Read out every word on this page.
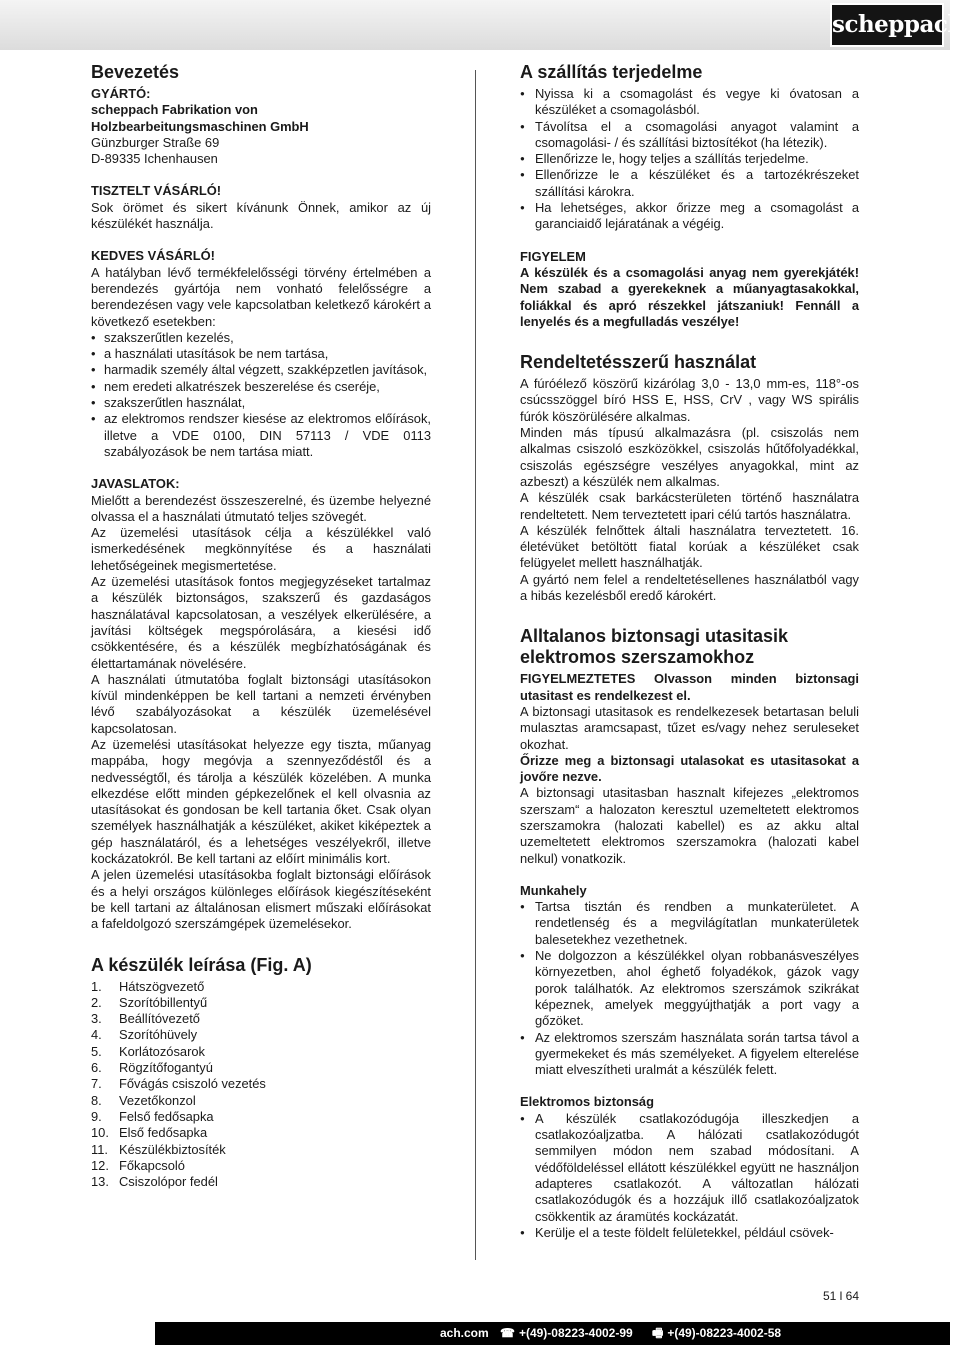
scheppach
Bevezetés
GYÁRTÓ:
scheppach Fabrikation von
Holzbearbeitungsmaschinen GmbH
Günzburger Straße 69
D-89335 Ichenhausen
TISZTELT VÁSÁRLÓ!

Sok örömet és sikert kívánunk Önnek, amikor az új készülékét használja.

KEDVES VÁSÁRLÓ!

A hatályban lévő termékfelelősségi törvény értelmében a berendezés gyártója nem vonható felelősségre a berendezésen vagy vele kapcsolatban keletkező károkért a következő esetekben:

• szakszerűtlen kezelés,
• a használati utasítások be nem tartása,
• harmadik személy által végzett, szakképzetlen javítások,
• nem eredeti alkatrészek beszerelése és cseréje,
• szakszerűtlen használat,
• az elektromos rendszer kiesése az elektromos előírások, illetve a VDE 0100, DIN 57113 / VDE 0113 szabályozások be nem tartása miatt.
JAVASLATOK:

Mielőtt a berendezést összeszerelné, és üzembe helyezné olvassa el a használati útmutató teljes szövegét.

Az üzemelési utasítások célja a készülékkel való ismerkedésének megkönnyítése és a használati lehetőségeinek megismertetése.

Az üzemelési utasítások fontos megjegyzéseket tartalmaz a készülék biztonságos, szakszerű és gazdaságos használatával kapcsolatosan, a veszélyek elkerülésére, a javítási költségek megspórolására, a kiesési idő csökkentésére, és a készülék megbízhatóságának és élettartamának növelésére.

A használati útmutatóba foglalt biztonsági utasításokon kívül mindenképpen be kell tartani a nemzeti érvényben lévő szabályozásokat a készülék üzemelésével kapcsolatosan.

Az üzemelési utasításokat helyezze egy tiszta, műanyag mappába, hogy megóvja a szennyeződéstől és a nedvességtől, és tárolja a készülék közelében. A munka elkezdése előtt minden gépkezelőnek el kell olvasnia az utasításokat és gondosan be kell tartania őket. Csak olyan személyek használhatják a készüléket, akiket kiképeztek a gép használatáról, és a lehetséges veszélyekről, illetve kockázatokról. Be kell tartani az előírt minimális kort.

A jelen üzemelési utasításokba foglalt biztonsági előírások és a helyi országos különleges előírások kiegészítéseként be kell tartani az általánosan elismert műszaki előírásokat a fafeldolgozó szerszámgépek üzemelésekor.

A készülék leírása (Fig. A)
1. Hátszögvezető
2. Szorítóbillentyű
3. Beállítóvezető
4. Szorítóhüvely
5. Korlátozósarok
6. Rögzítőfogantyú
7. Fővágás csiszoló vezetés
8. Vezetőkonzol
9. Felső fedősapka
10. Első fedősapka
11. Készülékbiztosíték
12. Főkapcsoló
13. Csiszolópor fedél
A szállítás terjedelme
● Nyissa ki a csomagolást és vegye ki óvatosan a készüléket a csomagolásból.
● Távolítsa el a csomagolási anyagot valamint a csomagolási- / és szállítási biztosítékot (ha létezik).
● Ellenőrizze le, hogy teljes a szállítás terjedelme.
● Ellenőrizze le a készüléket és a tartozékrészeket szállítási károkra.
● Ha lehetséges, akkor őrizze meg a csomagolást a garanciaidő lejáratának a végéig.
FIGYELEM

A készülék és a csomagolási anyag nem gyerekjáték! Nem szabad a gyerekeknek a műanyagtasakokkal, foliákkal és apró részekkel játszaniuk! Fennáll a lenyelés és a megfulladás veszélye!

Rendeltetésszerű használat

A fúróélező köszörű kizárólag 3,0 - 13,0 mm-es, 118°-os csúcsszöggel bíró HSS E, HSS, CrV , vagy WS spirális fúrók köszörülésére alkalmas.

Minden más típusú alkalmazásra (pl. csiszolás nem alkalmas csiszoló eszközökkel, csiszolás hűtőfolyadékkal, csiszolás egészségre veszélyes anyagokkal, mint az azbeszt) a készülék nem alkalmas.

A készülék csak barkácsterületen történő használatra rendeltetett. Nem terveztetett ipari célú tartós használatra.

A készülék felnőttek általi használatra terveztetett. 16. életévüket betöltött fiatal korúak a készüléket csak felügyelet mellett használhatják.

A gyártó nem felel a rendeltetésellenes használatból vagy a hibás kezelésből eredő károkért.

Alltalanos biztonsagi utasitasik elektromos szerszamokhoz

FIGYELMEZTETES Olvasson minden biztonsagi utasitast es rendelkezest el.

A biztonsagi utasitasok es rendelkezesek betartasan beluli mulasztas aramcsapast, tűzet es/vagy nehez seruleseket okozhat.

Őrizze meg a biztonsagi utalasokat es utasitasokat a jovőre nezve.

A biztonsagi utasitasban hasznalt kifejezes „elektromos szerszam“ a halozaton keresztul uzemeltetett elektromos szerszamokra (halozati kabellel) es az akku altal uzemeltetett elektromos szerszamokra (halozati kabel nelkul) vonatkozik.

Munkahely
● Tartsa tisztán és rendben a munkaterületet. A rendetlenség és a megvilágítatlan munkaterületek balesetekhez vezethetnek.
● Ne dolgozzon a készülékkel olyan robbanásveszélyes környezetben, ahol éghető folyadékok, gázok vagy porok találhatók. Az elektromos szerszámok szikrákat képeznek, amelyek meggyújthatják a port vagy a gőzöket.
● Az elektromos szerszám használata során tartsa távol a gyermekeket és más személyeket. A figyelem elterelése miatt elveszítheti uralmát a készülék felett.
Elektromos biztonság
● A készülék csatlakozódugója illeszkedjen a csatlakozóaljzatba. A hálózati csatlakozódugót semmilyen módon nem szabad módosítani. A védőföldeléssel ellátott készülékkel együtt ne használjon adapteres csatlakozót. A változatlan hálózati csatlakozódugók és a hozzájuk illő csatlakozóaljzatok csökkentik az áramütés kockázatát.
● Kerülje el a teste földelt felületekkel, például csövek-
51 l 64
ach.com ☎ +(49)-08223-4002-99 🖷 +(49)-08223-4002-58
